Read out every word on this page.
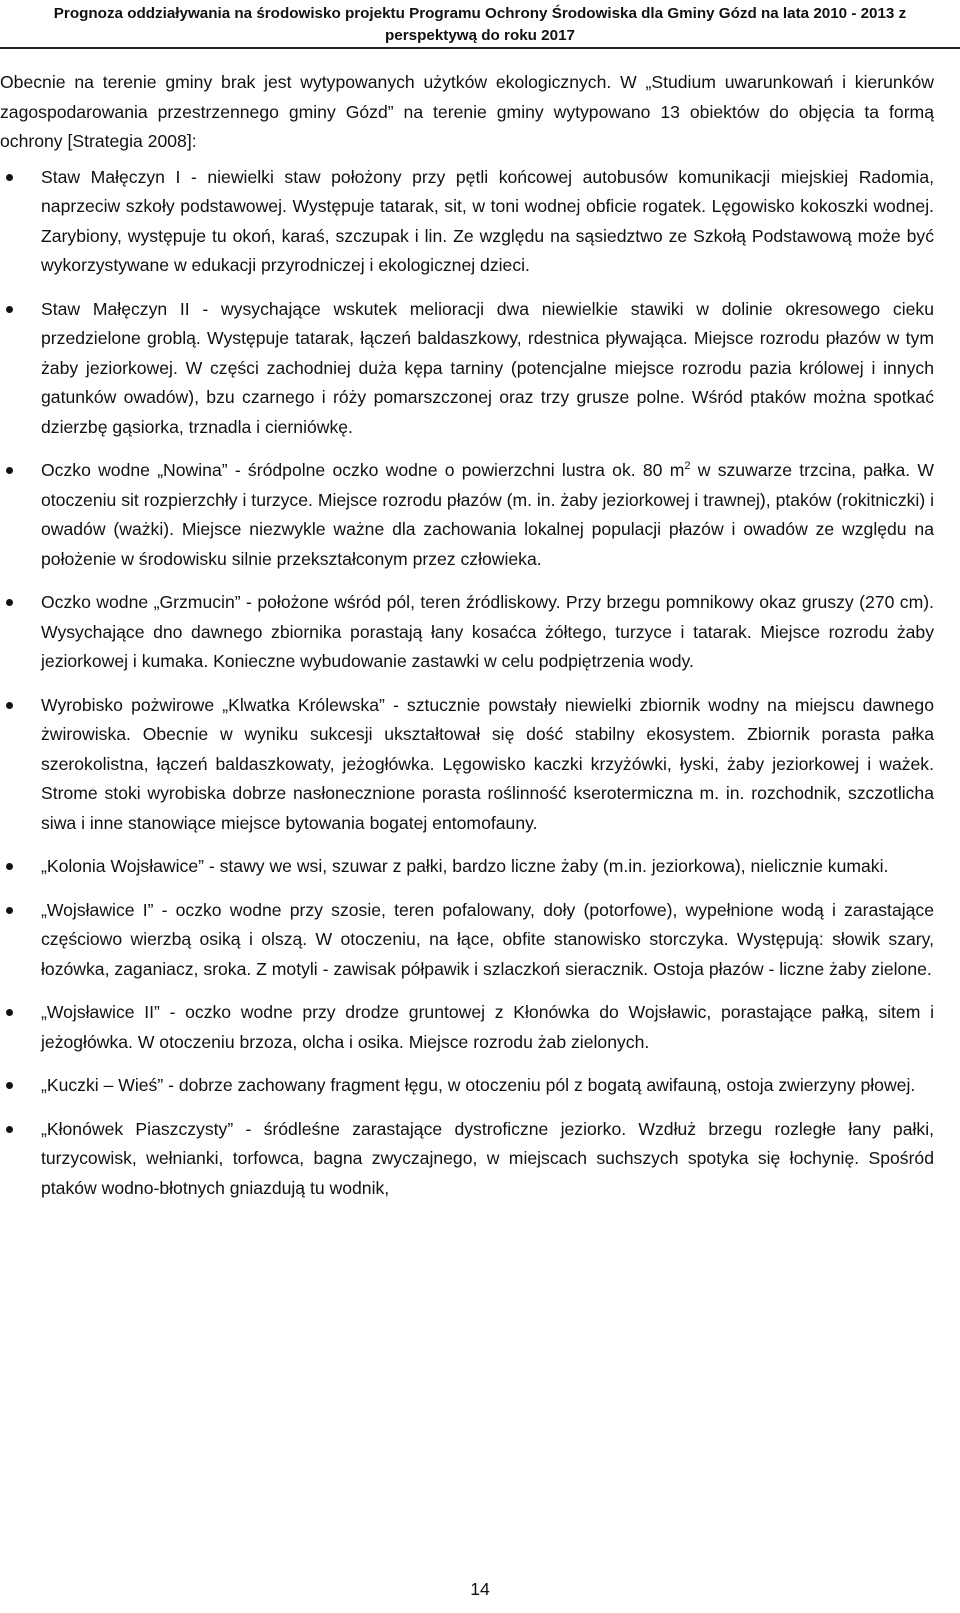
Prognoza oddziaływania na środowisko projektu Programu Ochrony Środowiska dla Gminy Gózd na lata 2010 - 2013 z
perspektywą do roku 2017

Obecnie na terenie gminy brak jest wytypowanych użytków ekologicznych. W „Studium uwarunkowań i kierunków zagospodarowania przestrzennego gminy Gózd” na terenie gminy wytypowano 13 obiektów do objęcia ta formą ochrony [Strategia 2008]:

Staw Małęczyn I - niewielki staw położony przy pętli końcowej autobusów komunikacji miejskiej Radomia, naprzeciw szkoły podstawowej. Występuje tatarak, sit, w toni wodnej obficie rogatek. Lęgowisko kokoszki wodnej. Zarybiony, występuje tu okoń, karaś, szczupak i lin. Ze względu na sąsiedztwo ze Szkołą Podstawową może być wykorzystywane w edukacji przyrodniczej i ekologicznej dzieci.
Staw Małęczyn II - wysychające wskutek melioracji dwa niewielkie stawiki w dolinie okresowego cieku przedzielone groblą. Występuje tatarak, łączeń baldaszkowy, rdestnica pływająca. Miejsce rozrodu płazów w tym żaby jeziorkowej. W części zachodniej duża kępa tarniny (potencjalne miejsce rozrodu pazia królowej i innych gatunków owadów), bzu czarnego i róży pomarszczonej oraz trzy grusze polne. Wśród ptaków można spotkać dzierzbę gąsiorka, trznadla i cierniówkę.
Oczko wodne „Nowina” - śródpolne oczko wodne o powierzchni lustra ok. 80 $m^2$ w szuwarze trzcina, pałka. W otoczeniu sit rozpierzchły i turzyce. Miejsce rozrodu płazów (m. in. żaby jeziorkowej i trawnej), ptaków (rokitniczki) i owadów (ważki). Miejsce niezwykle ważne dla zachowania lokalnej populacji płazów i owadów ze względu na położenie w środowisku silnie przekształconym przez człowieka.
Oczko wodne „Grzmucin” - położone wśród pól, teren źródliskowy. Przy brzegu pomnikowy okaz gruszy (270 cm). Wysychające dno dawnego zbiornika porastają łany kosaćca żółtego, turzyce i tatarak. Miejsce rozrodu żaby jeziorkowej i kumaka. Konieczne wybudowanie zastawki w celu podpiętrzenia wody.
Wyrobisko pożwirowe „Klwatka Królewska” - sztucznie powstały niewielki zbiornik wodny na miejscu dawnego żwirowiska. Obecnie w wyniku sukcesji ukształtował się dość stabilny ekosystem. Zbiornik porasta pałka szerokolistna, łączeń baldaszkowaty, jeżogłówka. Lęgowisko kaczki krzyżówki, łyski, żaby jeziorkowej i ważek. Strome stoki wyrobiska dobrze nasłonecznione porasta roślinność kserotermiczna m. in. rozchodnik, szczotlicha siwa i inne stanowiące miejsce bytowania bogatej entomofauny.
„Kolonia Wojsławice” - stawy we wsi, szuwar z pałki, bardzo liczne żaby (m.in. jeziorkowa), nielicznie kumaki.
„Wojsławice I” - oczko wodne przy szosie, teren pofalowany, doły (potorfowe), wypełnione wodą i zarastające częściowo wierzbą osiką i olszą. W otoczeniu, na łące, obfite stanowisko storczyka. Występują: słowik szary, łozówka, zaganiacz, sroka. Z motyli - zawisak półpawik i szlaczkoń sieracznik. Ostoja płazów - liczne żaby zielone.
„Wojsławice II” - oczko wodne przy drodze gruntowej z Kłonówka do Wojsławic, porastające pałką, sitem i jeżogłówka. W otoczeniu brzoza, olcha i osika. Miejsce rozrodu żab zielonych.
„Kuczki – Wieś” - dobrze zachowany fragment łęgu, w otoczeniu pól z bogatą awifauną, ostoja zwierzyny płowej.
„Kłonówek Piaszczysty” - śródleśne zarastające dystroficzne jeziorko. Wzdłuż brzegu rozległe łany pałki, turzycowisk, wełnianki, torfowca, bagna zwyczajnego, w miejscach suchszych spotyka się łochynię. Spośród ptaków wodno-błotnych gniazdują tu wodnik,
14
